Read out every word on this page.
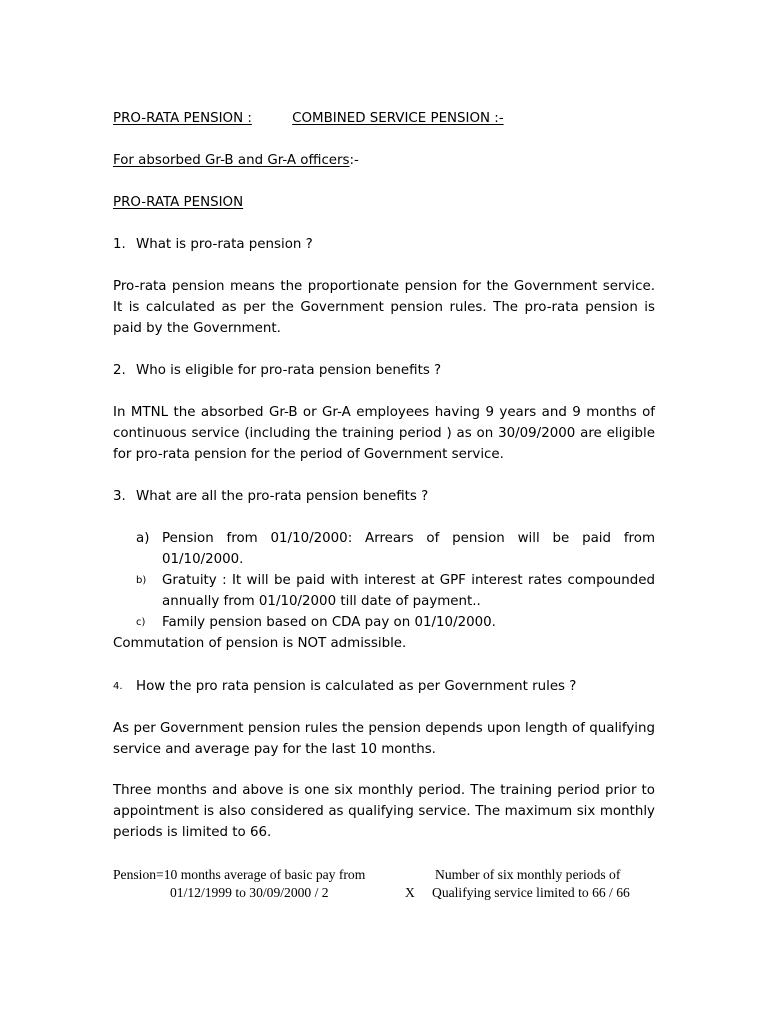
PRO-RATA PENSION :	COMBINED SERVICE PENSION :-
For absorbed Gr-B and Gr-A officers:-
PRO-RATA PENSION
1. What is pro-rata pension ?
Pro-rata pension means the proportionate pension for the Government service. It is calculated as per the Government pension rules. The pro-rata pension is paid by the Government.
2. Who is eligible for pro-rata pension benefits ?
In MTNL the absorbed Gr-B or Gr-A employees having 9 years and 9 months of continuous service (including the training period ) as on 30/09/2000 are eligible for pro-rata pension for the period of Government service.
3. What are all the pro-rata pension benefits ?
a) Pension from 01/10/2000: Arrears of pension will be paid from 01/10/2000.
b) Gratuity : It will be paid with interest at GPF interest rates compounded annually from 01/10/2000 till date of payment..
c) Family pension based on CDA pay on 01/10/2000.
Commutation of pension is NOT admissible.
4. How the pro rata pension is calculated as per Government rules ?
As per Government pension rules the pension depends upon length of qualifying service and average pay for the last 10 months.
Three months and above is one six monthly period. The training period prior to appointment is also considered as qualifying service. The maximum six monthly periods is limited to 66.
Pension=10 months average of basic pay from
01/12/1999 to 30/09/2000 / 2	X
Number of six monthly periods of
Qualifying service limited to 66 / 66
